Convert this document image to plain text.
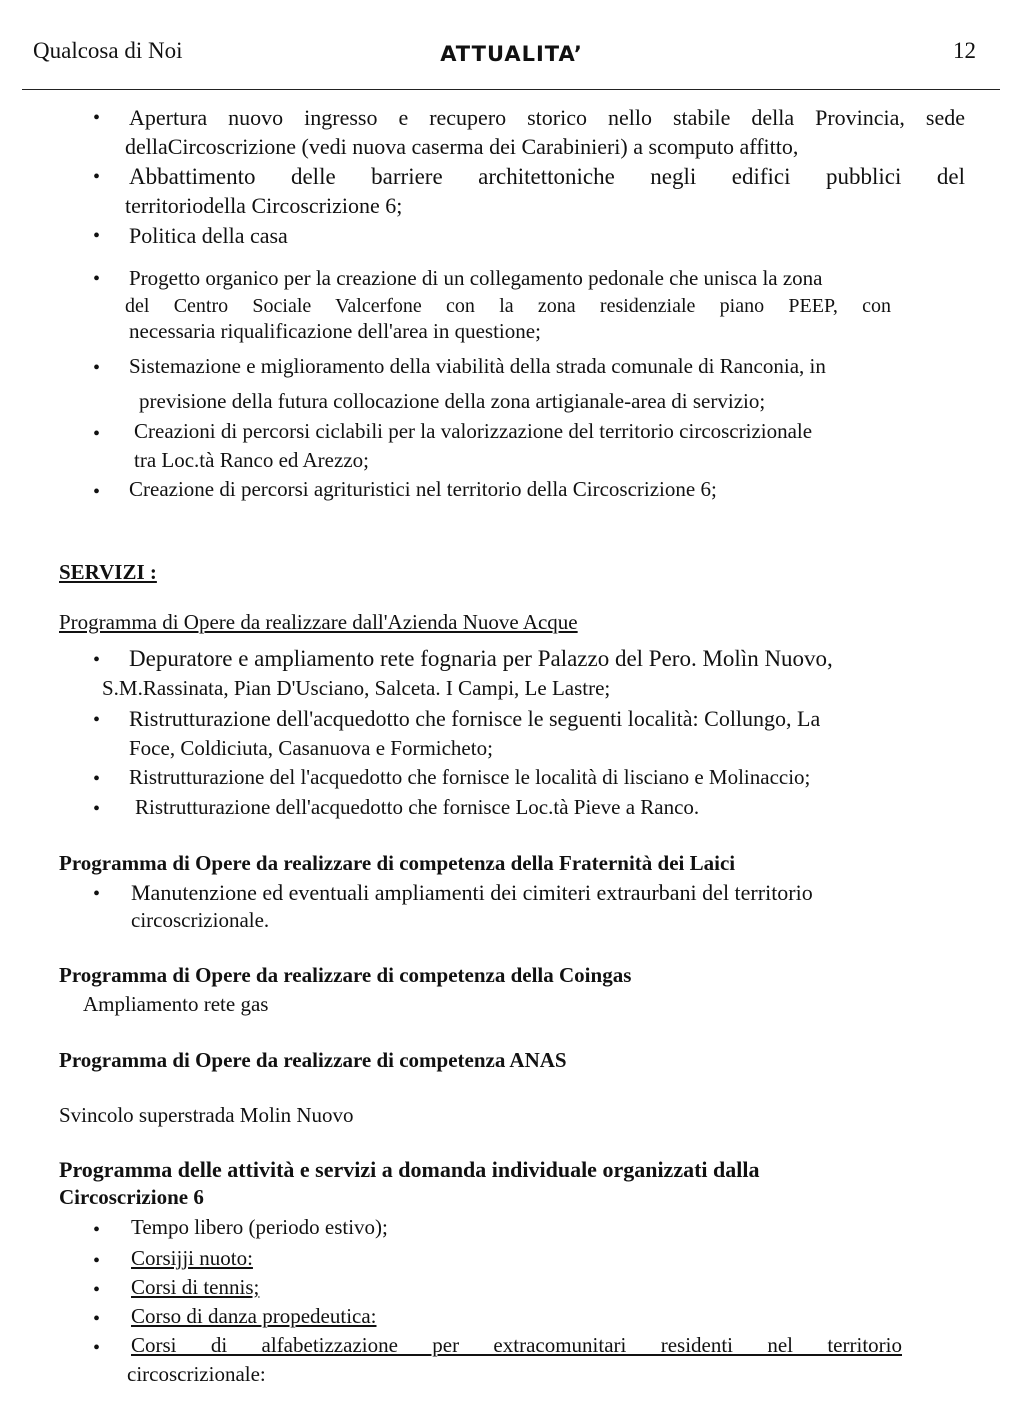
Qualcosa di Noi	ATTUALITA’	12
• Apertura nuovo ingresso e recupero storico nello stabile della Provincia, sede
dellaCircoscrizione (vedi nuova caserma dei Carabinieri) a scomputo affitto,
• Abbattimento delle barriere architettoniche negli edifici pubblici del
territoriodella Circoscrizione 6;
• Politica della casa
• Progetto organico per la creazione di un collegamento pedonale che unisca la zona
del Centro Sociale Valcerfone con la zona residenziale piano PEEP, con
necessaria riqualificazione dell'area in questione;
• Sistemazione e miglioramento della viabilità della strada comunale di Ranconia, in
previsione della futura collocazione della zona artigianale-area di servizio;
• Creazioni di percorsi ciclabili per la valorizzazione del territorio circoscrizionale
tra Loc.tà Ranco ed Arezzo;
• Creazione di percorsi agrituristici nel territorio della Circoscrizione 6;
SERVIZI :
Programma di Opere da realizzare dall'Azienda Nuove Acque
• Depuratore e ampliamento rete fognaria per Palazzo del Pero. Molìn Nuovo,
S.M.Rassinata, Pian D'Usciano, Salceta. I Campi, Le Lastre;
• Ristrutturazione dell'acquedotto che fornisce le seguenti località: Collungo, La
Foce, Coldiciuta, Casanuova e Formicheto;
• Ristrutturazione del l'acquedotto che fornisce le località di lisciano e Molinaccio;
• Ristrutturazione dell'acquedotto che fornisce Loc.tà Pieve a Ranco.
Programma di Opere da realizzare di competenza della Fraternità dei Laici
• Manutenzione ed eventuali ampliamenti dei cimiteri extraurbani del territorio
circoscrizionale.
Programma di Opere da realizzare di competenza della Coingas
Ampliamento rete gas
Programma di Opere da realizzare di competenza ANAS
Svincolo superstrada Molin Nuovo
Programma delle attività e servizi a domanda individuale organizzati dalla
Circoscrizione 6
• Tempo libero (periodo estivo);
• Corsijji nuoto:
• Corsi di tennis;
• Corso di danza propedeutica:
• Corsi di alfabetizzazione per extracomunitari residenti nel territorio
circoscrizionale:
